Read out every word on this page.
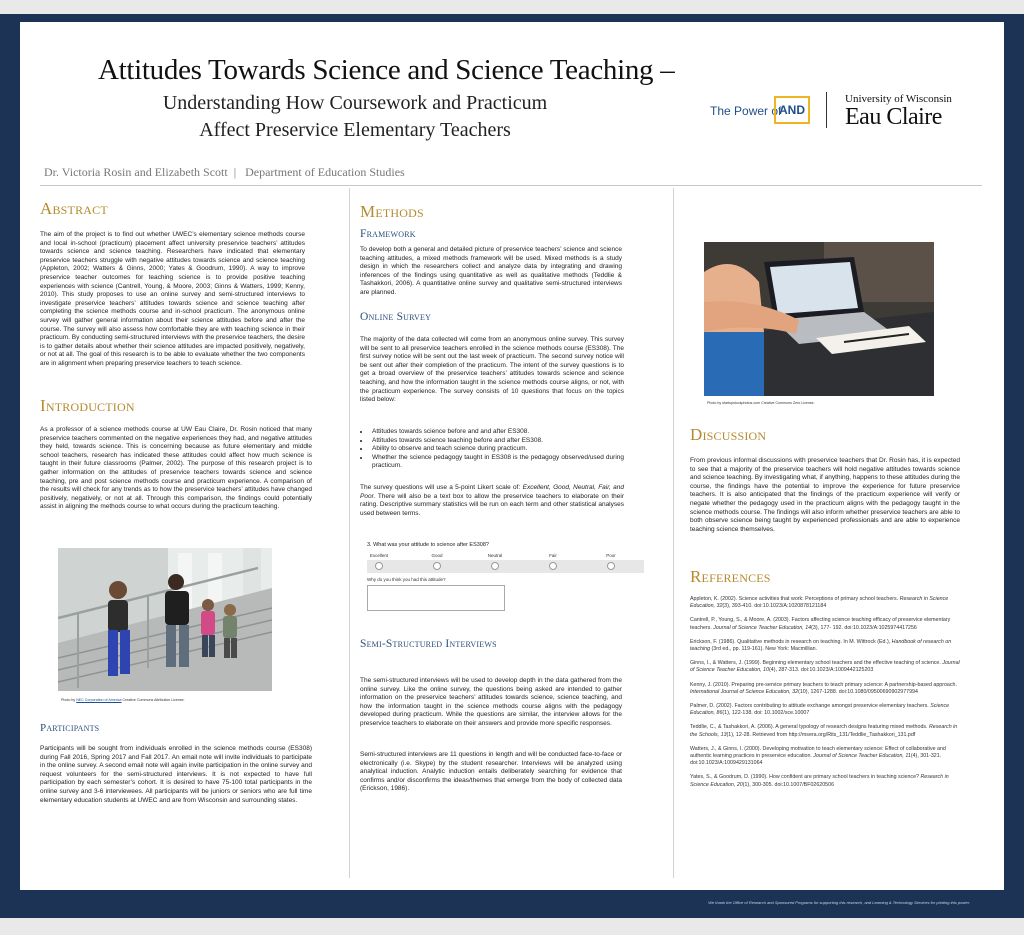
We thank the Office of Research and Sponsored Programs for supporting this research, and Learning & Technology Services for printing this poster.
Attitudes Towards Science and Science Teaching –
Understanding How Coursework and Practicum
Affect Preservice Elementary Teachers
The Power of
AND
University of Wisconsin
Eau Claire
Dr. Victoria Rosin and Elizabeth Scott  |   Department of Education Studies
Abstract
The aim of the project is to find out whether UWEC’s elementary science methods course and local in-school (practicum) placement affect university preservice teachers’ attitudes towards science and science teaching. Researchers have indicated that elementary preservice teachers struggle with negative attitudes towards science and science teaching (Appleton, 2002; Watters & Ginns, 2000; Yates & Goodrum, 1990). A way to improve preservice teacher outcomes for teaching science is to provide positive teaching experiences with science (Cantrell, Young, & Moore, 2003; Ginns & Watters, 1999; Kenny, 2010). This study proposes to use an online survey and semi-structured interviews to investigate preservice teachers’ attitudes towards science and science teaching after completing the science methods course and in-school practicum. The anonymous online survey will gather general information about their science attitudes before and after the course. The survey will also assess how comfortable they are with teaching science in their practicum. By conducting semi-structured interviews with the preservice teachers, the desire is to gather details about whether their science attitudes are impacted positively, negatively, or not at all. The goal of this research is to be able to evaluate whether the two components are in alignment when preparing preservice teachers to teach science.
Introduction
As a professor of a science methods course at UW Eau Claire, Dr. Rosin noticed that many preservice teachers commented on the negative experiences they had, and negative attitudes they held, towards science. This is concerning because as future elementary and middle school teachers, research has indicated these attitudes could affect how much science is taught in their future classrooms (Palmer, 2002). The purpose of this research project is to gather information on the attitudes of preservice teachers towards science and science teaching, pre and post science methods course and practicum experience. A comparison of the results will check for any trends as to how the preservice teachers’ attitudes have changed positively, negatively, or not at all. Through this comparison, the findings could potentially assist in aligning the methods course to what occurs during the practicum teaching.
Photo by NEC Corporation of America Creative Commons Attribution License.
Participants
Participants will be sought from individuals enrolled in the science methods course (ES308) during Fall 2016, Spring 2017 and Fall 2017. An email note will invite individuals to participate in the online survey. A second email note will again invite participation in the online survey and request volunteers for the semi-structured interviews. It is not expected to have full participation by each semester’s cohort. It is desired to have 75-100 total participants in the online survey and 3-6 interviewees. All participants will be juniors or seniors who are full time elementary education students at UWEC and are from Wisconsin and surrounding states.
Methods
Framework
To develop both a general and detailed picture of preservice teachers’ science and science teaching attitudes, a mixed methods framework will be used. Mixed methods is a study design in which the researchers collect and analyze data by integrating and drawing inferences of the findings using quantitative as well as qualitative methods (Teddlie & Tashakkori, 2006). A quantitative online survey and qualitative semi-structured interviews are planned.
Online Survey
The majority of the data collected will come from an anonymous online survey. This survey will be sent to all preservice teachers enrolled in the science methods course (ES308). The first survey notice will be sent out the last week of practicum. The second survey notice will be sent out after their completion of the practicum. The intent of the survey questions is to get a broad overview of the preservice teachers’ attitudes towards science and science teaching, and how the information taught in the science methods course aligns, or not, with the practicum experience. The survey consists of 10 questions that focus on the topics listed below:
• Attitudes towards science before and and after ES308.
• Attitudes towards science teaching before and after ES308.
• Ability to observe and teach science during practicum.
• Whether the science pedagogy taught in ES308 is the pedagogy observed/used during practicum.
The survey questions will use a 5-point Likert scale of: Excellent, Good, Neutral, Fair, and Poor. There will also be a text box to allow the preservice teachers to elaborate on their rating. Descriptive summary statistics will be run on each term and other statistical analyses used between terms.
3. What was your attitude to science after ES308?
Excellent	Good	Neutral	Fair	Poor
Why do you think you had this attitude?
Semi-Structured Interviews
The semi-structured interviews will be used to develop depth in the data gathered from the online survey. Like the online survey, the questions being asked are intended to gather information on the preservice teachers’ attitudes towards science, science teaching, and how the information taught in the science methods course aligns with the pedagogy developed during practicum. While the questions are similar, the interview allows for the preservice teachers to elaborate on their answers and provide more specific responses.
Semi-structured interviews are 11 questions in length and will be conducted face-to-face or electronically (i.e. Skype) by the student researcher. Interviews will be analyzed using analytical induction. Analytic induction entails deliberately searching for evidence that confirms and/or disconfirms the ideas/themes that emerge from the body of collected data (Erickson, 1986).
Photo by startupstockphotos.com Creative Commons Zero License.
Discussion
From previous informal discussions with preservice teachers that Dr. Rosin has, it is expected to see that a majority of the preservice teachers will hold negative attitudes towards science and science teaching. By investigating what, if anything, happens to these attitudes during the course, the findings have the potential to improve the experience for future preservice teachers. It is also anticipated that the findings of the practicum experience will verify or negate whether the pedagogy used in the practicum aligns with the pedagogy taught in the science methods course. The findings will also inform whether preservice teachers are able to both observe science being taught by experienced professionals and are able to experience teaching science themselves.
References
Appleton, K. (2002). Science activities that work: Perceptions of primary school teachers. Research in Science Education, 32(3), 393-410. doi:10.1023/A:1020878121184
Cantrell, P., Young, S., & Moore, A. (2003). Factors affecting science teaching efficacy of preservice elementary teachers. Journal of Science Teacher Education, 14(3), 177- 192. doi:10.1023/A:1025974417256
Erickson, F. (1986). Qualitative methods in research on teaching. In M. Wittrock (Ed.), Handbook of research on teaching (3rd ed., pp. 119-161). New York: Macmillian.
Ginns, I., & Watters, J. (1999). Beginning elementary school teachers and the effective teaching of science. Journal of Science Teacher Education, 10(4), 287-313. doi:10.1023/A:1009442125203
Kenny, J. (2010). Preparing pre-service primary teachers to teach primary science: A partnership-based approach. International Journal of Science Education, 32(10), 1267-1288. doi:10.1080/09500690902977994
Palmer, D. (2002). Factors contributing to attitude exchange amongst preservice elementary teachers. Science Education, 86(1), 122-138. doi: 10.1002/sce.10007
Teddlie, C., & Tashakkori, A. (2006). A general typology of research designs featuring mixed methods. Research in the Schools, 13(1), 12-28. Retrieved from http://msera.org/Rits_131/Teddlie_Tashakkori_131.pdf
Watters, J., & Ginns, I. (2000). Developing motivation to teach elementary science: Effect of collaborative and authentic learning practices in preservice education. Journal of Science Teacher Education, 11(4), 301-321. doi:10.1023/A:1009429131064
Yates, S., & Goodrum, D. (1990). How confident are primary school teachers in teaching science? Research in Science Education, 20(1), 300-305. doi:10.1007/BF02620506
